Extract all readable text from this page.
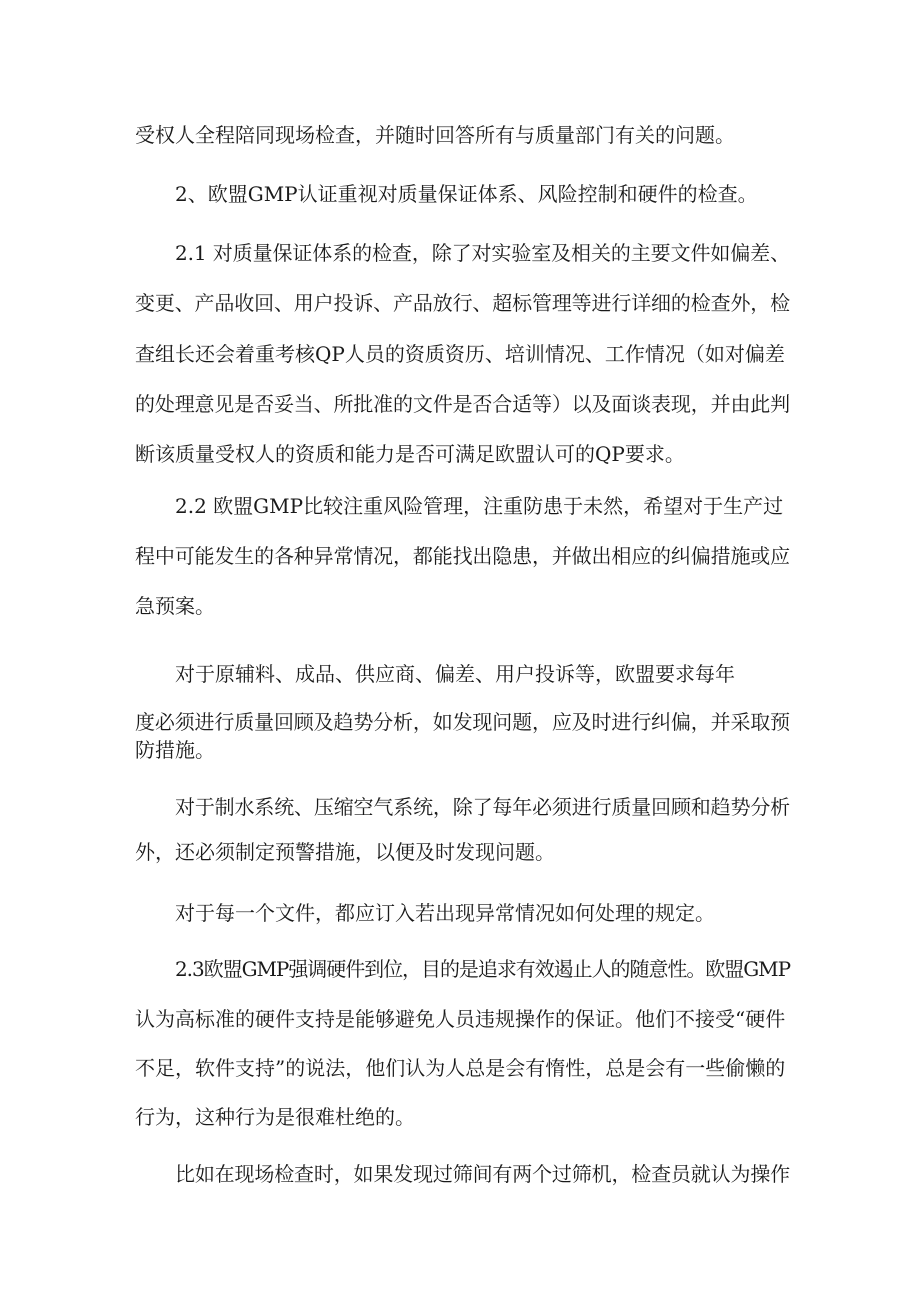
受权人全程陪同现场检查，并随时回答所有与质量部门有关的问题。
2、欧盟GMP认证重视对质量保证体系、风险控制和硬件的检查。
2.1 对质量保证体系的检查，除了对实验室及相关的主要文件如偏差、
变更、产品收回、用户投诉、产品放行、超标管理等进行详细的检查外，检
查组长还会着重考核QP人员的资质资历、培训情况、工作情况（如对偏差
的处理意见是否妥当、所批准的文件是否合适等）以及面谈表现，并由此判
断该质量受权人的资质和能力是否可满足欧盟认可的QP要求。
2.2 欧盟GMP比较注重风险管理，注重防患于未然，希望对于生产过
程中可能发生的各种异常情况，都能找出隐患，并做出相应的纠偏措施或应
急预案。
对于原辅料、成品、供应商、偏差、用户投诉等，欧盟要求每年
度必须进行质量回顾及趋势分析，如发现问题，应及时进行纠偏，并采取预
防措施。
对于制水系统、压缩空气系统，除了每年必须进行质量回顾和趋势分析
外，还必须制定预警措施，以便及时发现问题。
对于每一个文件，都应订入若出现异常情况如何处理的规定。
2.3欧盟GMP强调硬件到位，目的是追求有效遏止人的随意性。欧盟GMP
认为高标准的硬件支持是能够避免人员违规操作的保证。他们不接受“硬件
不足，软件支持”的说法，他们认为人总是会有惰性，总是会有一些偷懒的
行为，这种行为是很难杜绝的。
比如在现场检查时，如果发现过筛间有两个过筛机，检查员就认为操作
